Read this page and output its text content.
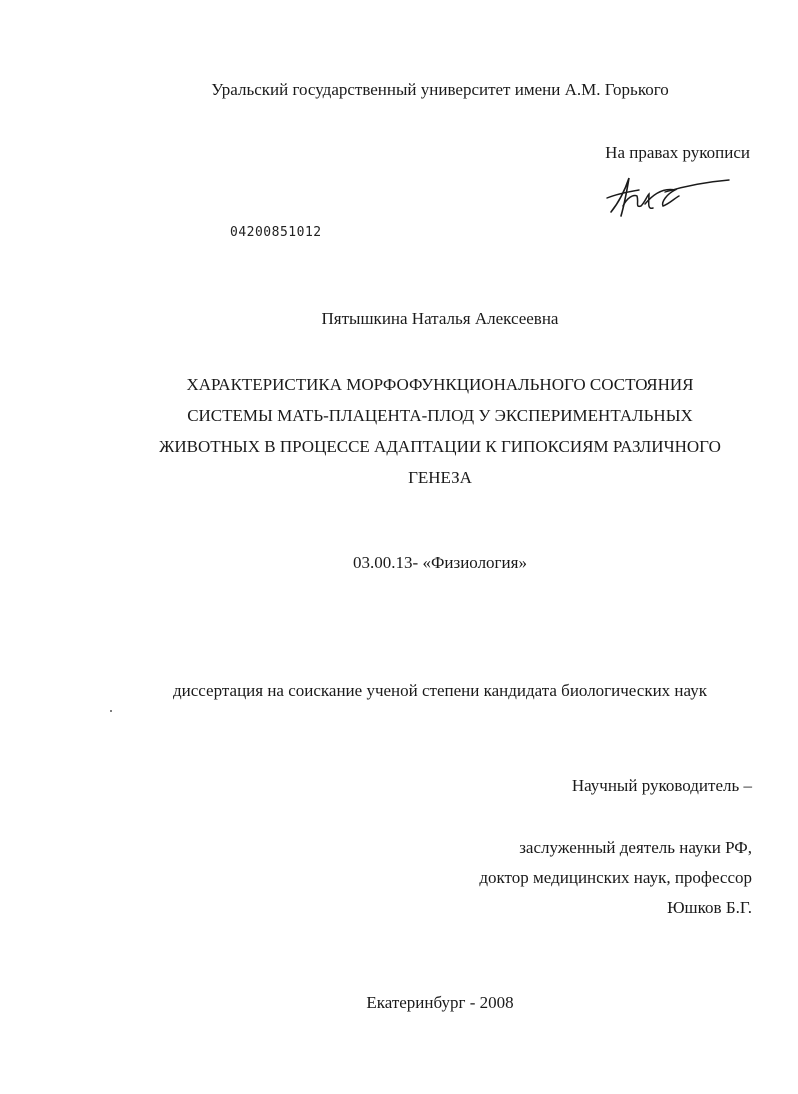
Уральский государственный университет имени А.М. Горького
На правах рукописи
04200851012
Пятышкина Наталья Алексеевна
ХАРАКТЕРИСТИКА МОРФОФУНКЦИОНАЛЬНОГО СОСТОЯНИЯ
СИСТЕМЫ МАТЬ-ПЛАЦЕНТА-ПЛОД У ЭКСПЕРИМЕНТАЛЬНЫХ
ЖИВОТНЫХ В ПРОЦЕССЕ АДАПТАЦИИ К ГИПОКСИЯМ РАЗЛИЧНОГО
ГЕНЕЗА
03.00.13- «Физиология»
диссертация на соискание ученой степени кандидата биологических наук
Научный руководитель –
заслуженный деятель науки РФ,
доктор медицинских наук, профессор
Юшков Б.Г.
Екатеринбург - 2008
